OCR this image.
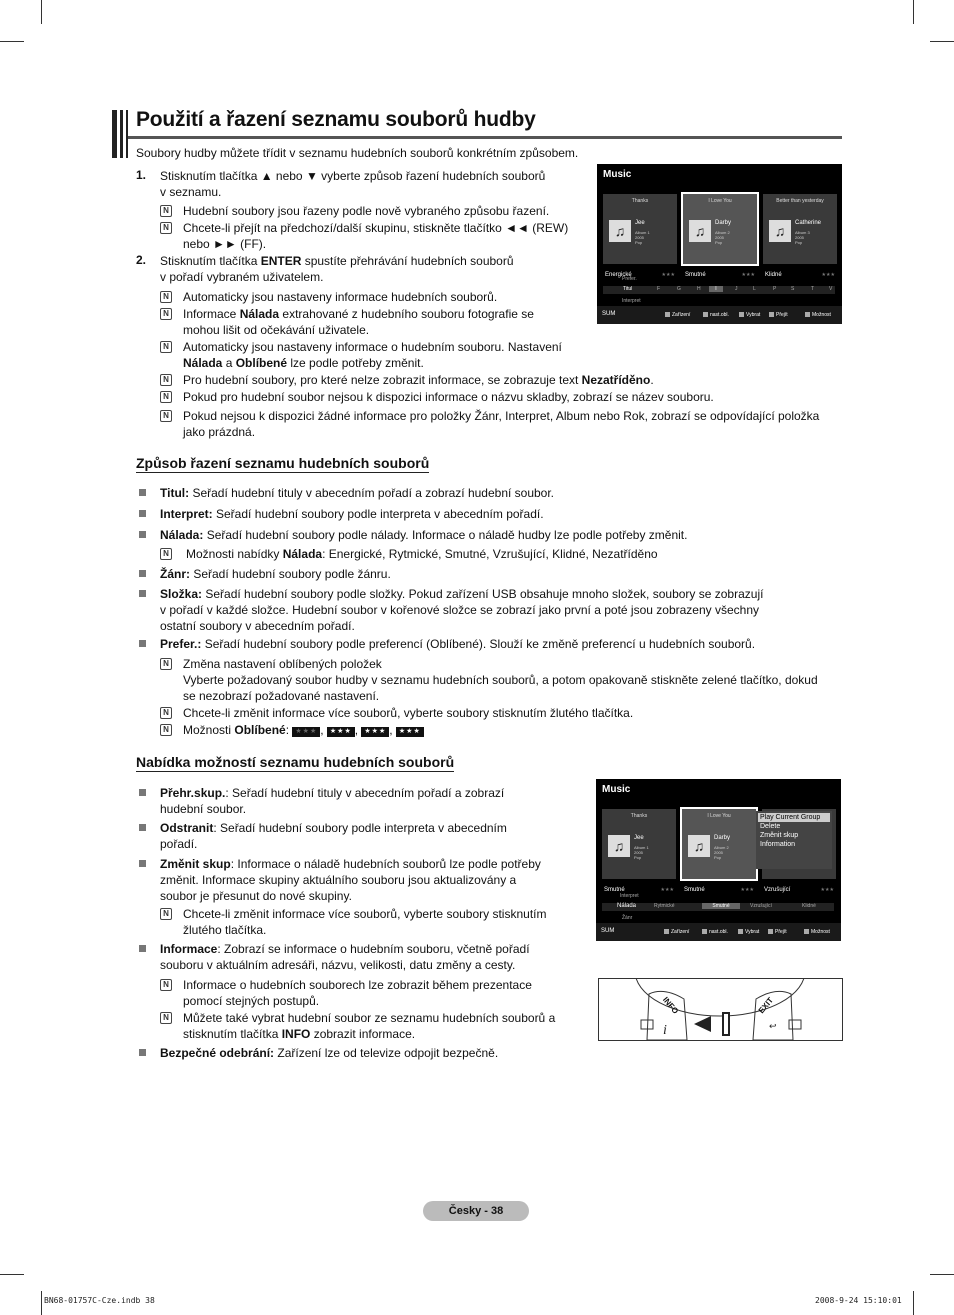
Použití a řazení seznamu souborů hudby
Soubory hudby můžete třídit v seznamu hudebních souborů konkrétním způsobem.
1. Stisknutím tlačítka ▲ nebo ▼ vyberte způsob řazení hudebních souborů
v seznamu.
N Hudební soubory jsou řazeny podle nově vybraného způsobu řazení.
N Chcete-li přejít na předchozí/další skupinu, stiskněte tlačítko ◄◄ (REW)
nebo ►► (FF).
2. Stisknutím tlačítka ENTER spustíte přehrávání hudebních souborů
v pořadí vybraném uživatelem.
N Automaticky jsou nastaveny informace hudebních souborů.
N Informace Nálada extrahované z hudebního souboru fotografie se
mohou lišit od očekávání uživatele.
N Automaticky jsou nastaveny informace o hudebním souboru. Nastavení
Nálada a Oblíbené lze podle potřeby změnit.
N Pro hudební soubory, pro které nelze zobrazit informace, se zobrazuje text Nezatříděno.
N Pokud pro hudební soubor nejsou k dispozici informace o názvu skladby, zobrazí se název souboru.
N Pokud nejsou k dispozici žádné informace pro položky Žánr, Interpret, Album nebo Rok, zobrazí se odpovídající položka
jako prázdná.
Music
Thanks
♫	Jee
Album 1
2005
Pop
Energické	★★★
I Love You
♫	Darby
Album 2
2005
Pop
Smutné	★★★
Better than yesterday
♫	Catherine
Album 3
2005
Pop
Klidné	★★★
Prefer.
Titul	F	G	H	I	J	L	P	S	T	V
Interpret
SUM	Zařízení	nast.obl.	Vybrat	Přejít	Možnost
Způsob řazení seznamu hudebních souborů
Titul: Seřadí hudební tituly v abecedním pořadí a zobrazí hudební soubor.
Interpret: Seřadí hudební soubory podle interpreta v abecedním pořadí.
Nálada: Seřadí hudební soubory podle nálady. Informace o náladě hudby lze podle potřeby změnit.
N Možnosti nabídky Nálada: Energické, Rytmické, Smutné, Vzrušující, Klidné, Nezatříděno
Žánr: Seřadí hudební soubory podle žánru.
Složka: Seřadí hudební soubory podle složky. Pokud zařízení USB obsahuje mnoho složek, soubory se zobrazují
v pořadí v každé složce. Hudební soubor v kořenové složce se zobrazí jako první a poté jsou zobrazeny všechny
ostatní soubory v abecedním pořadí.
Prefer.: Seřadí hudební soubory podle preferencí (Oblíbené). Slouží ke změně preferencí u hudebních souborů.
N Změna nastavení oblíbených položek
Vyberte požadovaný soubor hudby v seznamu hudebních souborů, a potom opakovaně stiskněte zelené tlačítko, dokud
se nezobrazí požadované nastavení.
N Chcete-li změnit informace více souborů, vyberte soubory stisknutím žlutého tlačítka.
N Možnosti Oblíbené: ★★★ , ★★★ , ★★★ , ★★★
Nabídka možností seznamu hudebních souborů
Přehr.skup.: Seřadí hudební tituly v abecedním pořadí a zobrazí
hudební soubor.
Odstranit: Seřadí hudební soubory podle interpreta v abecedním
pořadí.
Změnit skup: Informace o náladě hudebních souborů lze podle potřeby
změnit. Informace skupiny aktuálního souboru jsou aktualizovány a
soubor je přesunut do nové skupiny.
N Chcete-li změnit informace více souborů, vyberte soubory stisknutím
žlutého tlačítka.
Informace: Zobrazí se informace o hudebním souboru, včetně pořadí
souboru v aktuálním adresáři, názvu, velikosti, datu změny a cesty.
N Informace o hudebních souborech lze zobrazit během prezentace
pomocí stejných postupů.
N Můžete také vybrat hudební soubor ze seznamu hudebních souborů a
stisknutím tlačítka INFO zobrazit informace.
Bezpečné odebrání: Zařízení lze od televize odpojit bezpečně.
Music
Thanks
♫	Jee
Album 1
2005
Pop
Smutné	★★★
I Love You
♫	Darby
Album 2
2005
Pop
Smutné	★★★ Vzrušující	★★★
Play Current Group
Delete
Změnit skup
Information
Interpret
Nálada	Rytmické	Smutné	Vzrušující	Klidné
Žánr
SUM	Zařízení	nast.obl.	Vybrat	Přejít	Možnost
i	↩
INFO	EXIT
Česky - 38
BN68-01757C-Cze.indb 38	2008-9-24 15:10:01
